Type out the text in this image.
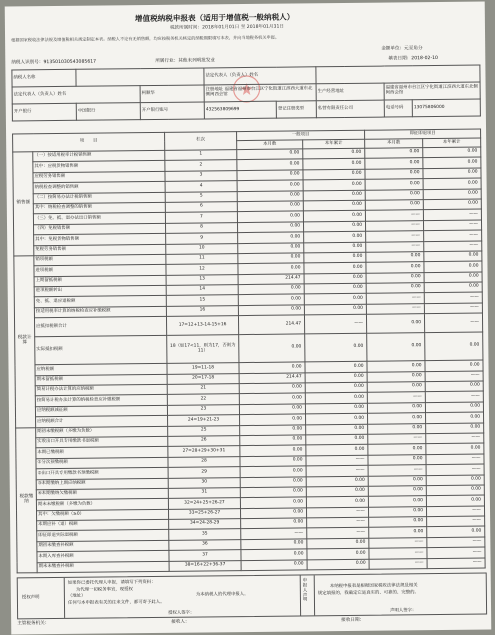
增值税纳税申报表（适用于增值税一般纳税人）
税款所属时间：2018年01月01日 至 2018年01月31日
根据国家税收法律法规及增值税相关规定制定本表。纳税人不论有无销售额，均应按税务机关核定的纳税期限填写本表，并向当地税务机关申报。
金额单位：元至角分
纳税人识别号：913501030543085617	所属行业：其他未列明批发业	填表日期：2018-02-10
纳税人名称			法定代表人（负责人）姓名				
法定代表人（负责人）姓名		柯顺华	注册地址 福建省福州市台江区宁化街道江滨西大道东北侧闽西会馆		生产经营地址	福建省福州市台江区宁化街道江滨西大道东北侧闽西会馆	
开户银行	中国银行	开户银行账号	432563809699	登记注册类型	私营有限责任公司	电话号码	13075806000
项　　目		栏次	一般项目		即征即退项目	
			本月数	本年累计	本月数	本年累计
销售额	（一）按适用税率计税销售额	1	0.00	0.00	0.00	0.00
	其中：应税货物销售额	2	0.00	0.00	0.00	0.00
	应税劳务销售额	3	0.00	0.00	0.00	0.00
	纳税检查调整的销售额	4	0.00	0.00	0.00	0.00
	（二）按简易办法计税销售额	5	0.00	0.00	0.00	0.00
	其中：纳税检查调整的销售额	6	0.00	0.00	0.00	0.00
	（三）免、抵、退办法出口销售额	7	0.00	0.00	——	——
	（四）免税销售额	8	0.00	0.00	——	——
	其中：免税货物销售额	9	0.00	0.00	——	——
	免税劳务销售额	10	0.00	0.00	——	——
税款计算	销项税额	11	0.00	0.00	0.00	0.00
	进项税额	12	0.00	0.00	0.00	0.00
	上期留抵税额	13	214.47	0.00	0.00	0.00
	进项税额转出	14	0.00	0.00	0.00	0.00
	免、抵、退应退税额	15	0.00	0.00	——	——
	按适用税率计算的纳税检查应补缴税额	16	0.00	0.00	——	——
	应抵扣税额合计	17=12+13-14-15+16	214.47	——	0.00	——
	实际抵扣税额	18（如17<11，则为17，否则为11）	0.00	0.00	0.00	0.00
	应纳税额	19=11-18	0.00	0.00	0.00	0.00
	期末留抵税额	20=17-18	214.47	0.00	0.00	——
	简易计税办法计算的应纳税额	21	0.00	0.00	0.00	0.00
	按简易计税办法计算的纳税检查应补缴税额	22	0.00	0.00	——	——
	应纳税额减征额	23	0.00	0.00	0.00	0.00
	应纳税额合计	24=19+21-23	0.00	0.00	0.00	0.00
税款缴纳	期初未缴税额（多缴为负数）	25	0.00	0.00	0.00	0.00
	实收出口开具专用缴款书退税额	26	0.00	0.00	——	——
	本期已缴税额	27=28+29+30+31	0.00	0.00	0.00	0.00
	①分次预缴税额	28	0.00	——	0.00	——
	②出口开具专用缴款书预缴税额	29	0.00	——	——	——
	③本期缴纳上期应纳税额	30	0.00	0.00	0.00	0.00
	④本期缴纳欠缴税额	31	0.00	0.00	0.00	0.00
	期末未缴税额（多缴为负数）	32=24+25+26-27	0.00	0.00	0.00	0.00
	其中：欠缴税额（≥0）	33=25+26-27	0.00	——	0.00	——
	本期应补（退）税额	34=24-28-29	0.00	——	0.00	——
	即征即退实际退税额	35	——	——	0.00	0.00
	期初未缴查补税额	36	0.00	0.00	——	——
	本期入库查补税额	37	0.00	0.00	——	——
	期末未缴查补税额	38=16+22+36-37	0.00	0.00	——	——
授权声明
如果你已委托代理人申报，请填写下列资料：
为代理一切税务事宜，现授权
（地址）	为本纳税人的代理申报人，
任何与本申报表有关的往来文件，都可寄予此人。
授权人签字：
申报人声明
本纳税申报表是根据国家税收法律法规及相关
规定填报的，我确定它是真实的、可靠的、完整的。
声明人签字：
主管税务机关：	接收人：	接收日期：
